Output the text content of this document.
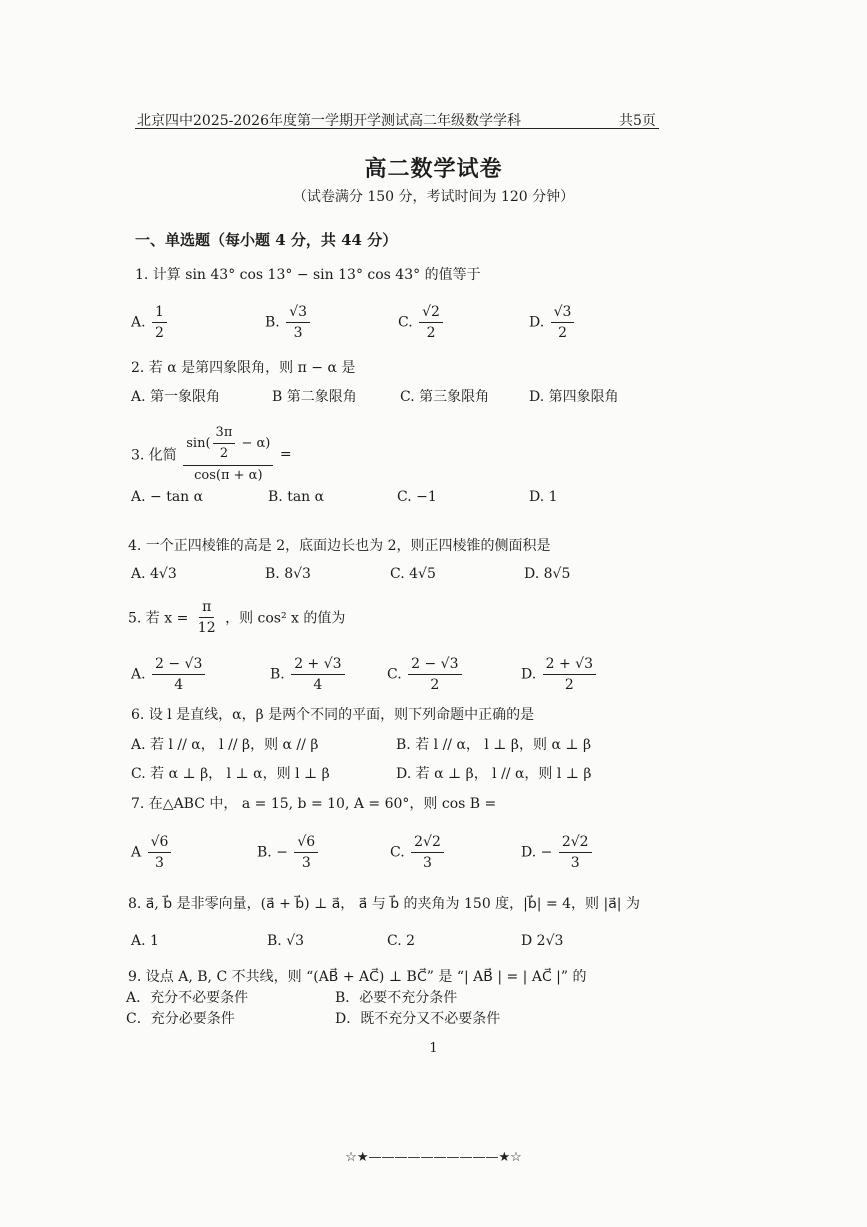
北京四中2025-2026年度第一学期开学测试高二年级数学学科	共5页
高二数学试卷
（试卷满分 150 分，考试时间为 120 分钟）
一、单选题（每小题 4 分，共 44 分）
1. 计算 sin 43° cos 13° − sin 13° cos 43° 的值等于
A. $\frac{1}{2}$	B. $\frac{√3}{3}$	C. $\frac{√2}{2}$	D. $\frac{√3}{2}$
2. 若 α 是第四象限角，则 π − α 是
A. 第一象限角	B 第二象限角	C. 第三象限角	D. 第四象限角
3. 化简 $\frac{\sin( \frac{3\pi}{2} - \alpha)}{\cos(\pi + \alpha)}$ =
A. − tan α	B. tan α	C. −1	D. 1
4. 一个正四棱锥的高是 2，底面边长也为 2，则正四棱锥的侧面积是
A. 4√3	B. 8√3	C. 4√5	D. 8√5
5. 若 $x = \frac{\pi}{12}$ ，则 cos² x 的值为
A. $\frac{2 - √3}{4}$	B. $\frac{2 + √3}{4}$	C. $\frac{2 - √3}{2}$	D. $\frac{2 + √3}{2}$
6. 设 l 是直线，α，β 是两个不同的平面，则下列命题中正确的是
A. 若 l // α， l // β，则 α // β	B. 若 l // α， l ⊥ β，则 α ⊥ β
C. 若 α ⊥ β， l ⊥ α，则 l ⊥ β	D. 若 α ⊥ β， l // α，则 l ⊥ β
7. 在△ABC 中， a = 15, b = 10, A = 60°，则 cos B =
A $\frac{√6}{3}$	B. − $\frac{√6}{3}$	C. $\frac{2√2}{3}$	D. − $\frac{2√2}{3}$
8. a⃗, b⃗ 是非零向量，(a⃗ + b⃗) ⊥ a⃗， a⃗ 与 b⃗ 的夹角为 150 度，|b⃗| = 4，则 |a⃗| 为
A. 1	B. √3	C. 2	D 2√3
9. 设点 A, B, C 不共线，则 “(AB⃗ + AC⃗) ⊥ BC⃗” 是 “| AB⃗ | = | AC⃗ |” 的
A．充分不必要条件	B．必要不充分条件
C．充分必要条件	D．既不充分又不必要条件
1
☆★——————————★☆
